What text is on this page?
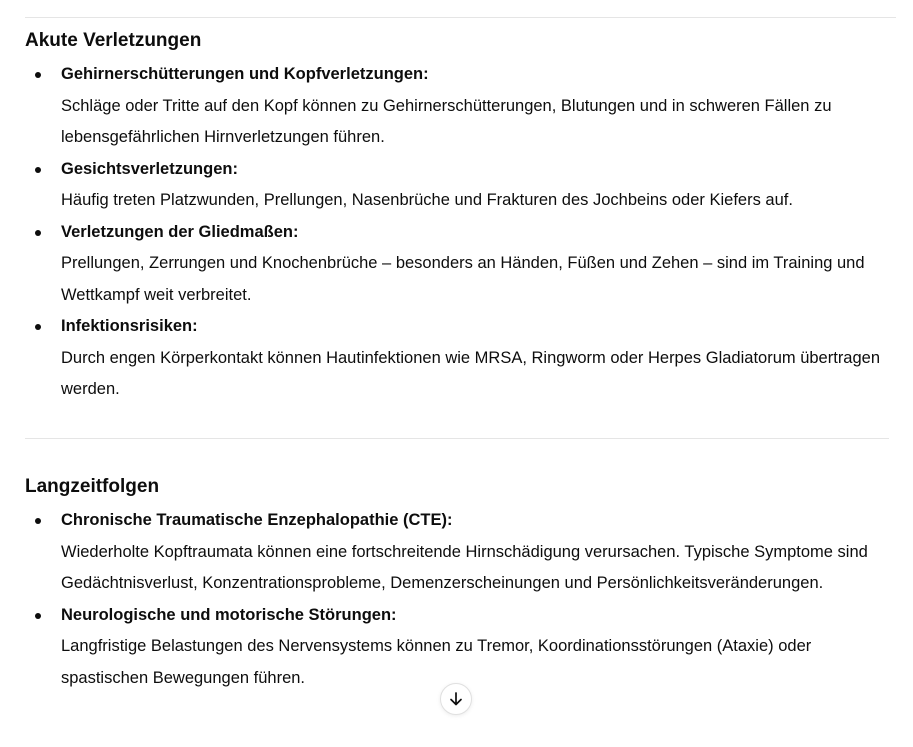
Akute Verletzungen
Gehirnerschütterungen und Kopfverletzungen:
Schläge oder Tritte auf den Kopf können zu Gehirnerschütterungen, Blutungen und in schweren Fällen zu lebensgefährlichen Hirnverletzungen führen.
Gesichtsverletzungen:
Häufig treten Platzwunden, Prellungen, Nasenbrüche und Frakturen des Jochbeins oder Kiefers auf.
Verletzungen der Gliedmaßen:
Prellungen, Zerrungen und Knochenbrüche – besonders an Händen, Füßen und Zehen – sind im Training und Wettkampf weit verbreitet.
Infektionsrisiken:
Durch engen Körperkontakt können Hautinfektionen wie MRSA, Ringworm oder Herpes Gladiatorum übertragen werden.
Langzeitfolgen
Chronische Traumatische Enzephalopathie (CTE):
Wiederholte Kopftraumata können eine fortschreitende Hirnschädigung verursachen. Typische Symptome sind Gedächtnisverlust, Konzentrationsprobleme, Demenzerscheinungen und Persönlichkeitsveränderungen.
Neurologische und motorische Störungen:
Langfristige Belastungen des Nervensystems können zu Tremor, Koordinationsstörungen (Ataxie) oder spastischen Bewegungen führen.
